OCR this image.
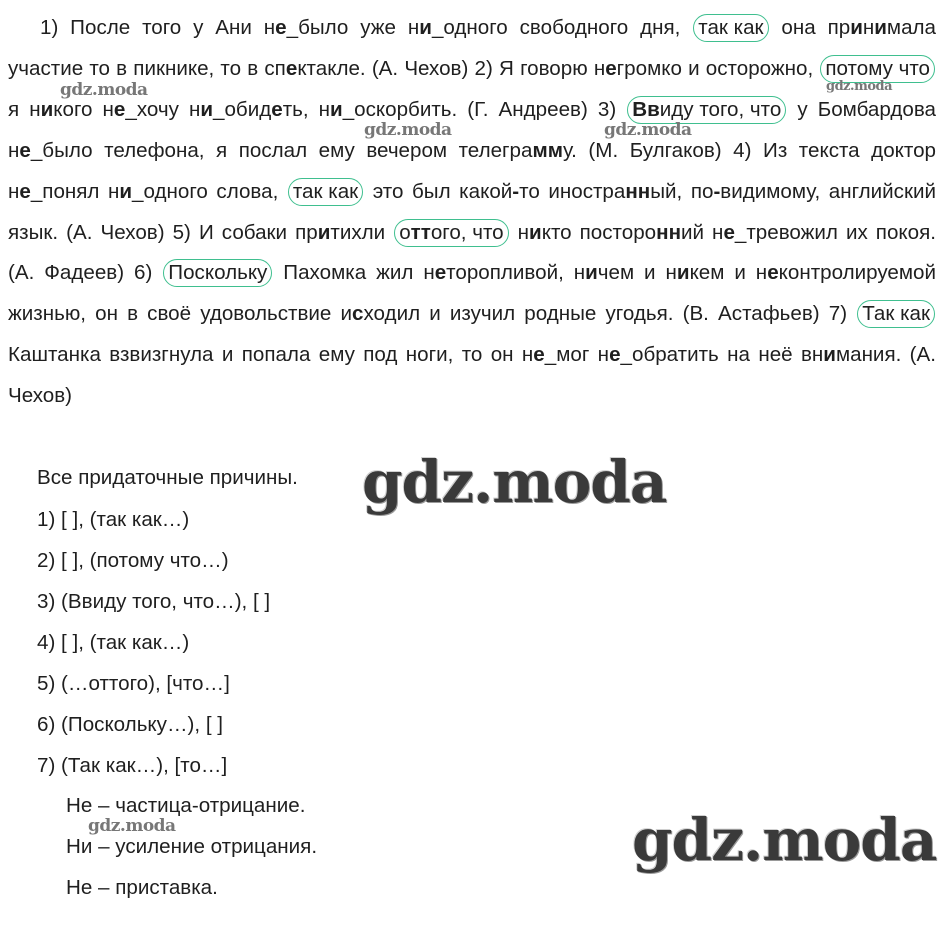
1) После того у Ани не_было уже ни_одного свободного дня, так как она принимала участие то в пикнике, то в спектакле. (А. Чехов) 2) Я говорю негромко и осторожно, потому что я никого не_хочу ни_обидеть, ни_оскорбить. (Г. Андреев) 3) Ввиду того, что у Бомбардова не_было телефона, я послал ему вечером телеграмму. (М. Булгаков) 4) Из текста доктор не_понял ни_одного слова, так как это был какой-то иностранный, по-видимому, английский язык. (А. Чехов) 5) И собаки притихли оттого, что никто посторонний не_тревожил их покоя. (А. Фадеев) 6) Поскольку Пахомка жил неторопливой, ничем и никем и неконтролируемой жизнью, он в своё удовольствие исходил и изучил родные угодья. (В. Астафьев) 7) Так как Каштанка взвизгнула и попала ему под ноги, то он не_мог не_обратить на неё внимания. (А. Чехов)

Все придаточные причины.
1) [ ], (так как…)
2) [ ], (потому что…)
3) (Ввиду того, что…), [ ]
4) [ ], (так как…)
5) (…оттого), [что…]
6) (Поскольку…), [ ]
7) (Так как…), [то…]
Не – частица-отрицание.
Ни – усиление отрицания.
Не – приставка.
gdz.moda	gdz.moda
gdz.moda	gdz.moda
gdz.moda
gdz.moda
gdz.moda
